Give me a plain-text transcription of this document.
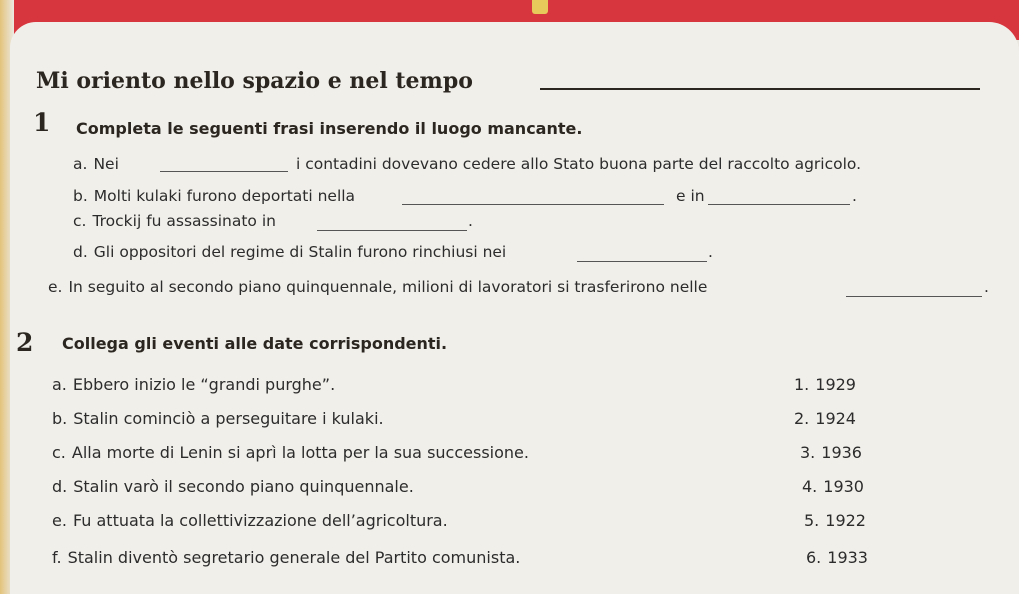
Mi oriento nello spazio e nel tempo
1 Completa le seguenti frasi inserendo il luogo mancante.
a. Nei	i contadini dovevano cedere allo Stato buona parte del raccolto agricolo.
b. Molti kulaki furono deportati nella	e in	.
c. Trockij fu assassinato in	.
d. Gli oppositori del regime di Stalin furono rinchiusi nei	.
e. In seguito al secondo piano quinquennale, milioni di lavoratori si trasferirono nelle	.
2 Collega gli eventi alle date corrispondenti.
a. Ebbero inizio le “grandi purghe”.	1. 1929
b. Stalin cominciò a perseguitare i kulaki.	2. 1924
c. Alla morte di Lenin si aprì la lotta per la sua successione.	3. 1936
d. Stalin varò il secondo piano quinquennale.	4. 1930
e. Fu attuata la collettivizzazione dell’agricoltura.	5. 1922
f. Stalin diventò segretario generale del Partito comunista.	6. 1933
